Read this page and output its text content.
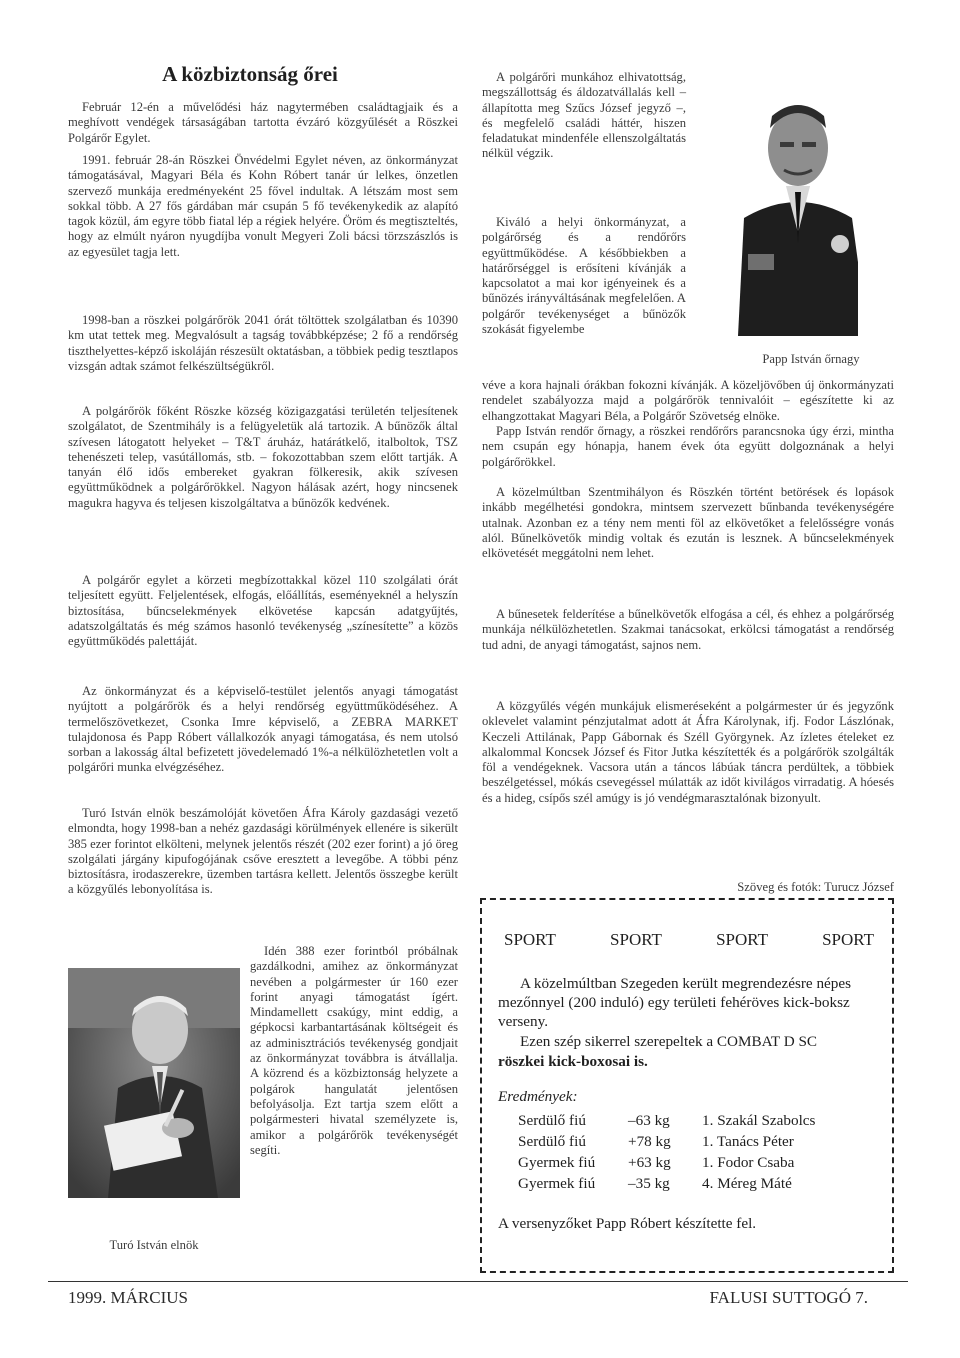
A közbiztonság őrei

Február 12-én a művelődési ház nagytermében családtagjaik és a meghívott vendégek társaságában tartotta évzáró közgyűlését a Röszkei Polgárőr Egylet.

1991. február 28-án Röszkei Önvédelmi Egylet néven, az önkormányzat támogatásával, Magyari Béla és Kohn Róbert tanár úr lelkes, önzetlen szervező munkája eredményeként 25 fővel indultak. A létszám most sem sokkal több. A 27 fős gárdában már csupán 5 fő tevékenykedik az alapító tagok közül, ám egyre több fiatal lép a régiek helyére. Öröm és megtiszteltés, hogy az elmúlt nyáron nyugdíjba vonult Megyeri Zoli bácsi törzszászlós is az egyesület tagja lett.

1998-ban a röszkei polgárőrök 2041 órát töltöttek szolgálatban és 10390 km utat tettek meg. Megvalósult a tagság továbbképzése; 2 fő a rendőrség tiszthelyettes-képző iskoláján részesült oktatásban, a többiek pedig tesztlapos vizsgán adtak számot felkészültségükről.

A polgárőrök főként Röszke község közigazgatási területén teljesítenek szolgálatot, de Szentmihály is a felügyeletük alá tartozik. A bűnözők által szívesen látogatott helyeket – T&T áruház, határátkelő, italboltok, TSZ tehenészeti telep, vasútállomás, stb. – fokozottabban szem előtt tartják. A tanyán élő idős embereket gyakran fölkeresik, akik szívesen együttműködnek a polgárőrökkel. Nagyon hálásak azért, hogy nincsenek magukra hagyva és teljesen kiszolgáltatva a bűnözők kedvének.

A polgárőr egylet a körzeti megbízottakkal közel 110 szolgálati órát teljesített együtt. Feljelentések, elfogás, előállítás, eseményeknél a helyszín biztosítása, bűncselekmények elkövetése kapcsán adatgyűjtés, adatszolgáltatás és még számos hasonló tevékenység „színesítette” a közös együttműködés palettáját.

Az önkormányzat és a képviselő-testület jelentős anyagi támogatást nyújtott a polgárőrök és a helyi rendőrség együttműködéséhez. A termelőszövetkezet, Csonka Imre képviselő, a ZEBRA MARKET tulajdonosa és Papp Róbert vállalkozók anyagi támogatása, és nem utolsó sorban a lakosság által befizetett jövedelemadó 1%-a nélkülözhetetlen volt a polgárőri munka elvégzéséhez.

Turó István elnök beszámolóját követően Áfra Károly gazdasági vezető elmondta, hogy 1998-ban a nehéz gazdasági körülmények ellenére is sikerült 385 ezer forintot elkölteni, melynek jelentős részét (202 ezer forint) a jó öreg szolgálati járgány kipufogójának csőve eresztett a levegőbe. A többi pénz biztosításra, irodaszerekre, üzemben tartásra kellett. Jelentős összegbe került a közgyűlés lebonyolítása is.

Idén 388 ezer forintból próbálnak gazdálkodni, amihez az önkormányzat nevében a polgármester úr 160 ezer forint anyagi támogatást ígért. Mindamellett csakúgy, mint eddig, a gépkocsi karbantartásának költségeit és az adminisztrációs tevékenység gondjait az önkormányzat továbbra is átvállalja. A közrend és a közbiztonság helyzete a polgárok hangulatát jelentősen befolyásolja. Ezt tartja szem előtt a polgármesteri hivatal személyzete is, amikor a polgárőrök tevékenységét segíti.

Turó István elnök

A polgárőri munkához elhivatottság, megszállottság és áldozatvállalás kell – állapította meg Szűcs József jegyző –, és megfelelő családi háttér, hiszen feladatukat mindenféle ellenszolgáltatás nélkül végzik.

Kiváló a helyi önkormányzat, a polgárőrség és a rendőrőrs együttműködése. A későbbiekben a határőrséggel is erősíteni kívánják a kapcsolatot a mai kor igényeinek és a bűnözés irányváltásának megfelelően. A polgárőr tevékenységet a bűnözők szokását figyelembe

véve a kora hajnali órákban fokozni kívánják. A közeljövőben új önkormányzati rendelet szabályozza majd a polgárőrök tennivalóit – egészítette ki az elhangzottakat Magyari Béla, a Polgárőr Szövetség elnöke.

Papp István rendőr őrnagy, a röszkei rendőrőrs parancsnoka úgy érzi, mintha nem csupán egy hónapja, hanem évek óta együtt dolgoznának a helyi polgárőrökkel.

A közelmúltban Szentmihályon és Röszkén történt betörések és lopások inkább megélhetési gondokra, mintsem szervezett bűnbanda tevékenységére utalnak. Azonban ez a tény nem menti föl az elkövetőket a felelősségre vonás alól. Bűnelkövetők mindig voltak és ezután is lesznek. A bűncselekmények elkövetését meggátolni nem lehet.

A bűnesetek felderítése a bűnelkövetők elfogása a cél, és ehhez a polgárőrség munkája nélkülözhetetlen. Szakmai tanácsokat, erkölcsi támogatást a rendőrség tud adni, de anyagi támogatást, sajnos nem.

A közgyűlés végén munkájuk elismeréseként a polgármester úr és jegyzőnk oklevelet valamint pénzjutalmat adott át Áfra Károlynak, ifj. Fodor Lászlónak, Keczeli Attilának, Papp Gábornak és Széll Györgynek. Az ízletes ételeket ez alkalommal Koncsek József és Fitor Jutka készítették és a polgárőrök szolgálták föl a vendégeknek. Vacsora után a táncos lábúak táncra perdültek, a többiek beszélgetéssel, mókás csevegéssel múlatták az időt kivilágos virradatig. A hóesés és a hideg, csípős szél amúgy is jó vendégmarasztalónak bizonyult.

Szöveg és fotók: Turucz József
Papp István őrnagy
SPORT	SPORT	SPORT	SPORT

A közelmúltban Szegeden került megrendezésre népes mezőnnyel (200 induló) egy területi fehéröves kick-boksz verseny.

Ezen szép sikerrel szerepeltek a COMBAT D SC

röszkei kick-boxosai is.

Eredmények:
Serdülő fiú	–63 kg 1. Szakál Szabolcs
Serdülő fiú	+78 kg 1. Tanács Péter
Gyermek fiú +63 kg 1. Fodor Csaba
Gyermek fiú –35 kg 4. Méreg Máté

A versenyzőket Papp Róbert készítette fel.

1999. MÁRCIUS	FALUSI SUTTOGÓ 7.
